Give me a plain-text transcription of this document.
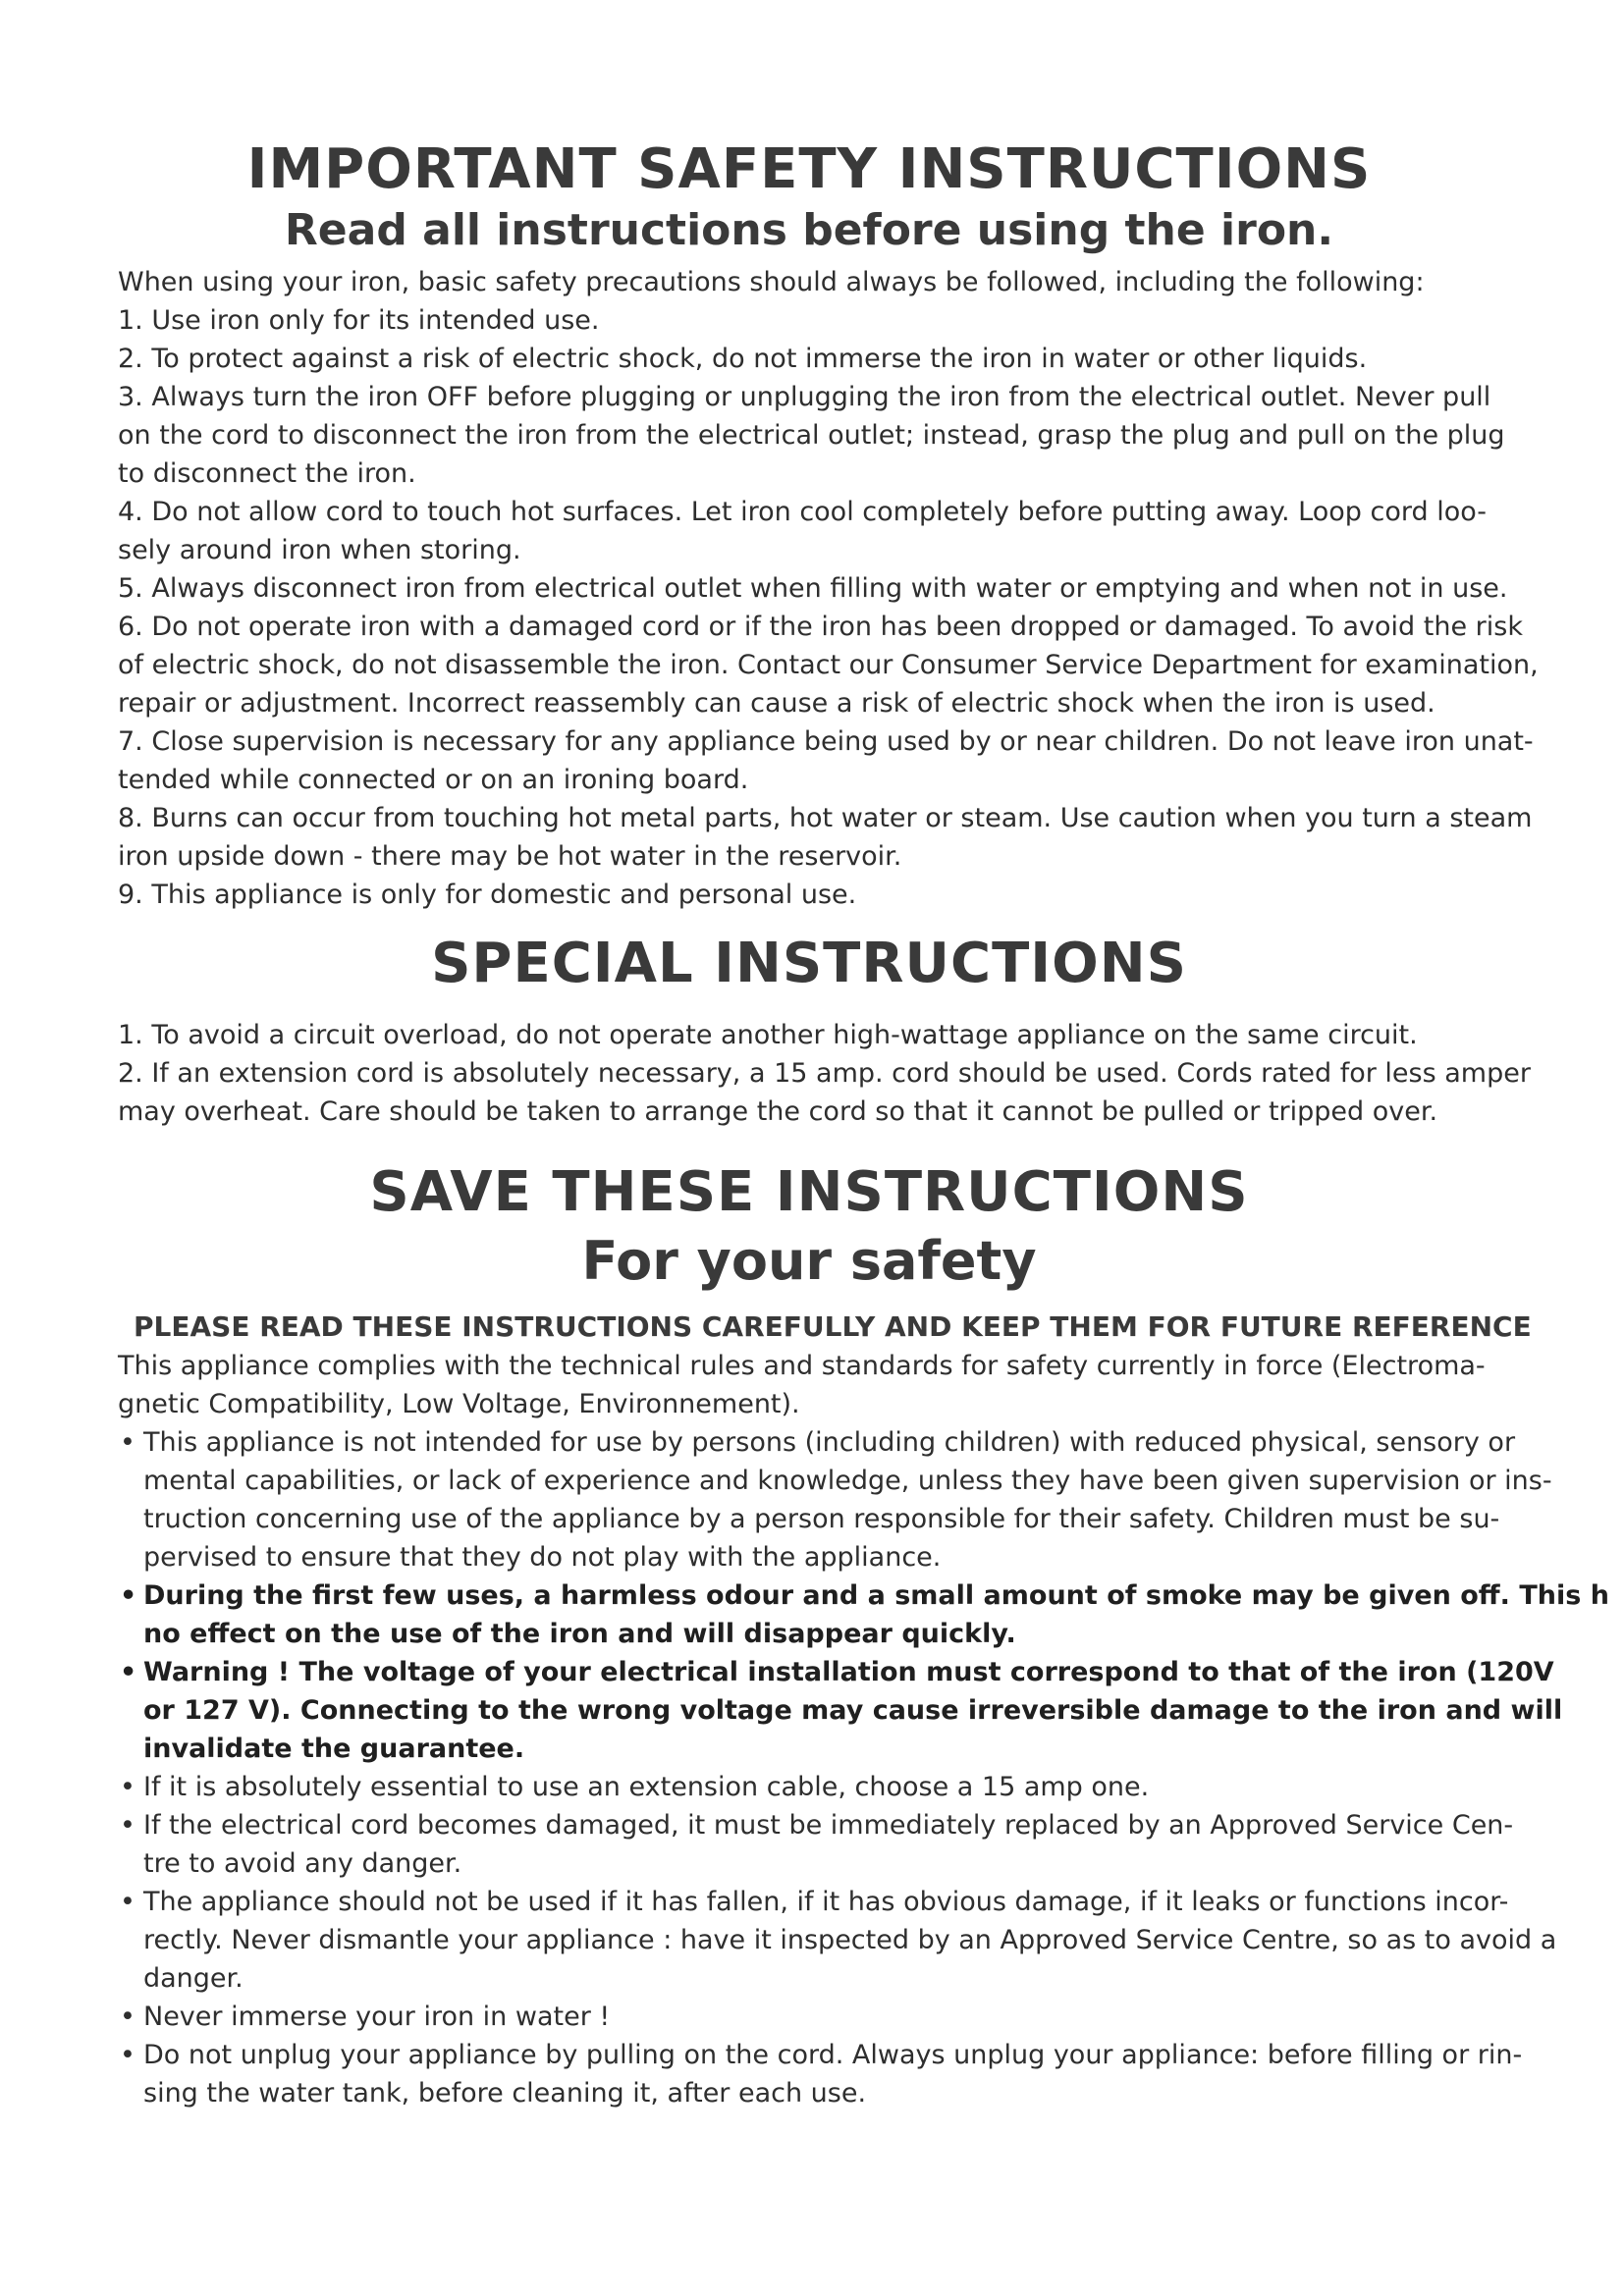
IMPORTANT SAFETY INSTRUCTIONS
Read all instructions before using the iron.

When using your iron, basic safety precautions should always be followed, including the following:

1. Use iron only for its intended use.
2. To protect against a risk of electric shock, do not immerse the iron in water or other liquids.
3. Always turn the iron OFF before plugging or unplugging the iron from the electrical outlet. Never pull
on the cord to disconnect the iron from the electrical outlet; instead, grasp the plug and pull on the plug
to disconnect the iron.
4. Do not allow cord to touch hot surfaces. Let iron cool completely before putting away. Loop cord loo-
sely around iron when storing.
5. Always disconnect iron from electrical outlet when filling with water or emptying and when not in use.
6. Do not operate iron with a damaged cord or if the iron has been dropped or damaged. To avoid the risk
of electric shock, do not disassemble the iron. Contact our Consumer Service Department for examination,
repair or adjustment. Incorrect reassembly can cause a risk of electric shock when the iron is used.
7. Close supervision is necessary for any appliance being used by or near children. Do not leave iron unat-
tended while connected or on an ironing board.
8. Burns can occur from touching hot metal parts, hot water or steam. Use caution when you turn a steam
iron upside down - there may be hot water in the reservoir.
9. This appliance is only for domestic and personal use.
SPECIAL INSTRUCTIONS
1. To avoid a circuit overload, do not operate another high-wattage appliance on the same circuit.
2. If an extension cord is absolutely necessary, a 15 amp. cord should be used. Cords rated for less amper
may overheat. Care should be taken to arrange the cord so that it cannot be pulled or tripped over.
SAVE THESE INSTRUCTIONS
For your safety

PLEASE READ THESE INSTRUCTIONS CAREFULLY AND KEEP THEM FOR FUTURE REFERENCE

This appliance complies with the technical rules and standards for safety currently in force (Electroma-
gnetic Compatibility, Low Voltage, Environnement).
• This appliance is not intended for use by persons (including children) with reduced physical, sensory or
mental capabilities, or lack of experience and knowledge, unless they have been given supervision or ins-
truction concerning use of the appliance by a person responsible for their safety. Children must be su-
pervised to ensure that they do not play with the appliance.
• During the first few uses, a harmless odour and a small amount of smoke may be given off. This h
no effect on the use of the iron and will disappear quickly.
• Warning ! The voltage of your electrical installation must correspond to that of the iron (120V
or 127 V). Connecting to the wrong voltage may cause irreversible damage to the iron and will
invalidate the guarantee.
• If it is absolutely essential to use an extension cable, choose a 15 amp one.
• If the electrical cord becomes damaged, it must be immediately replaced by an Approved Service Cen-
tre to avoid any danger.
• The appliance should not be used if it has fallen, if it has obvious damage, if it leaks or functions incor-
rectly. Never dismantle your appliance : have it inspected by an Approved Service Centre, so as to avoid a
danger.
• Never immerse your iron in water !
• Do not unplug your appliance by pulling on the cord. Always unplug your appliance: before filling or rin-
sing the water tank, before cleaning it, after each use.
